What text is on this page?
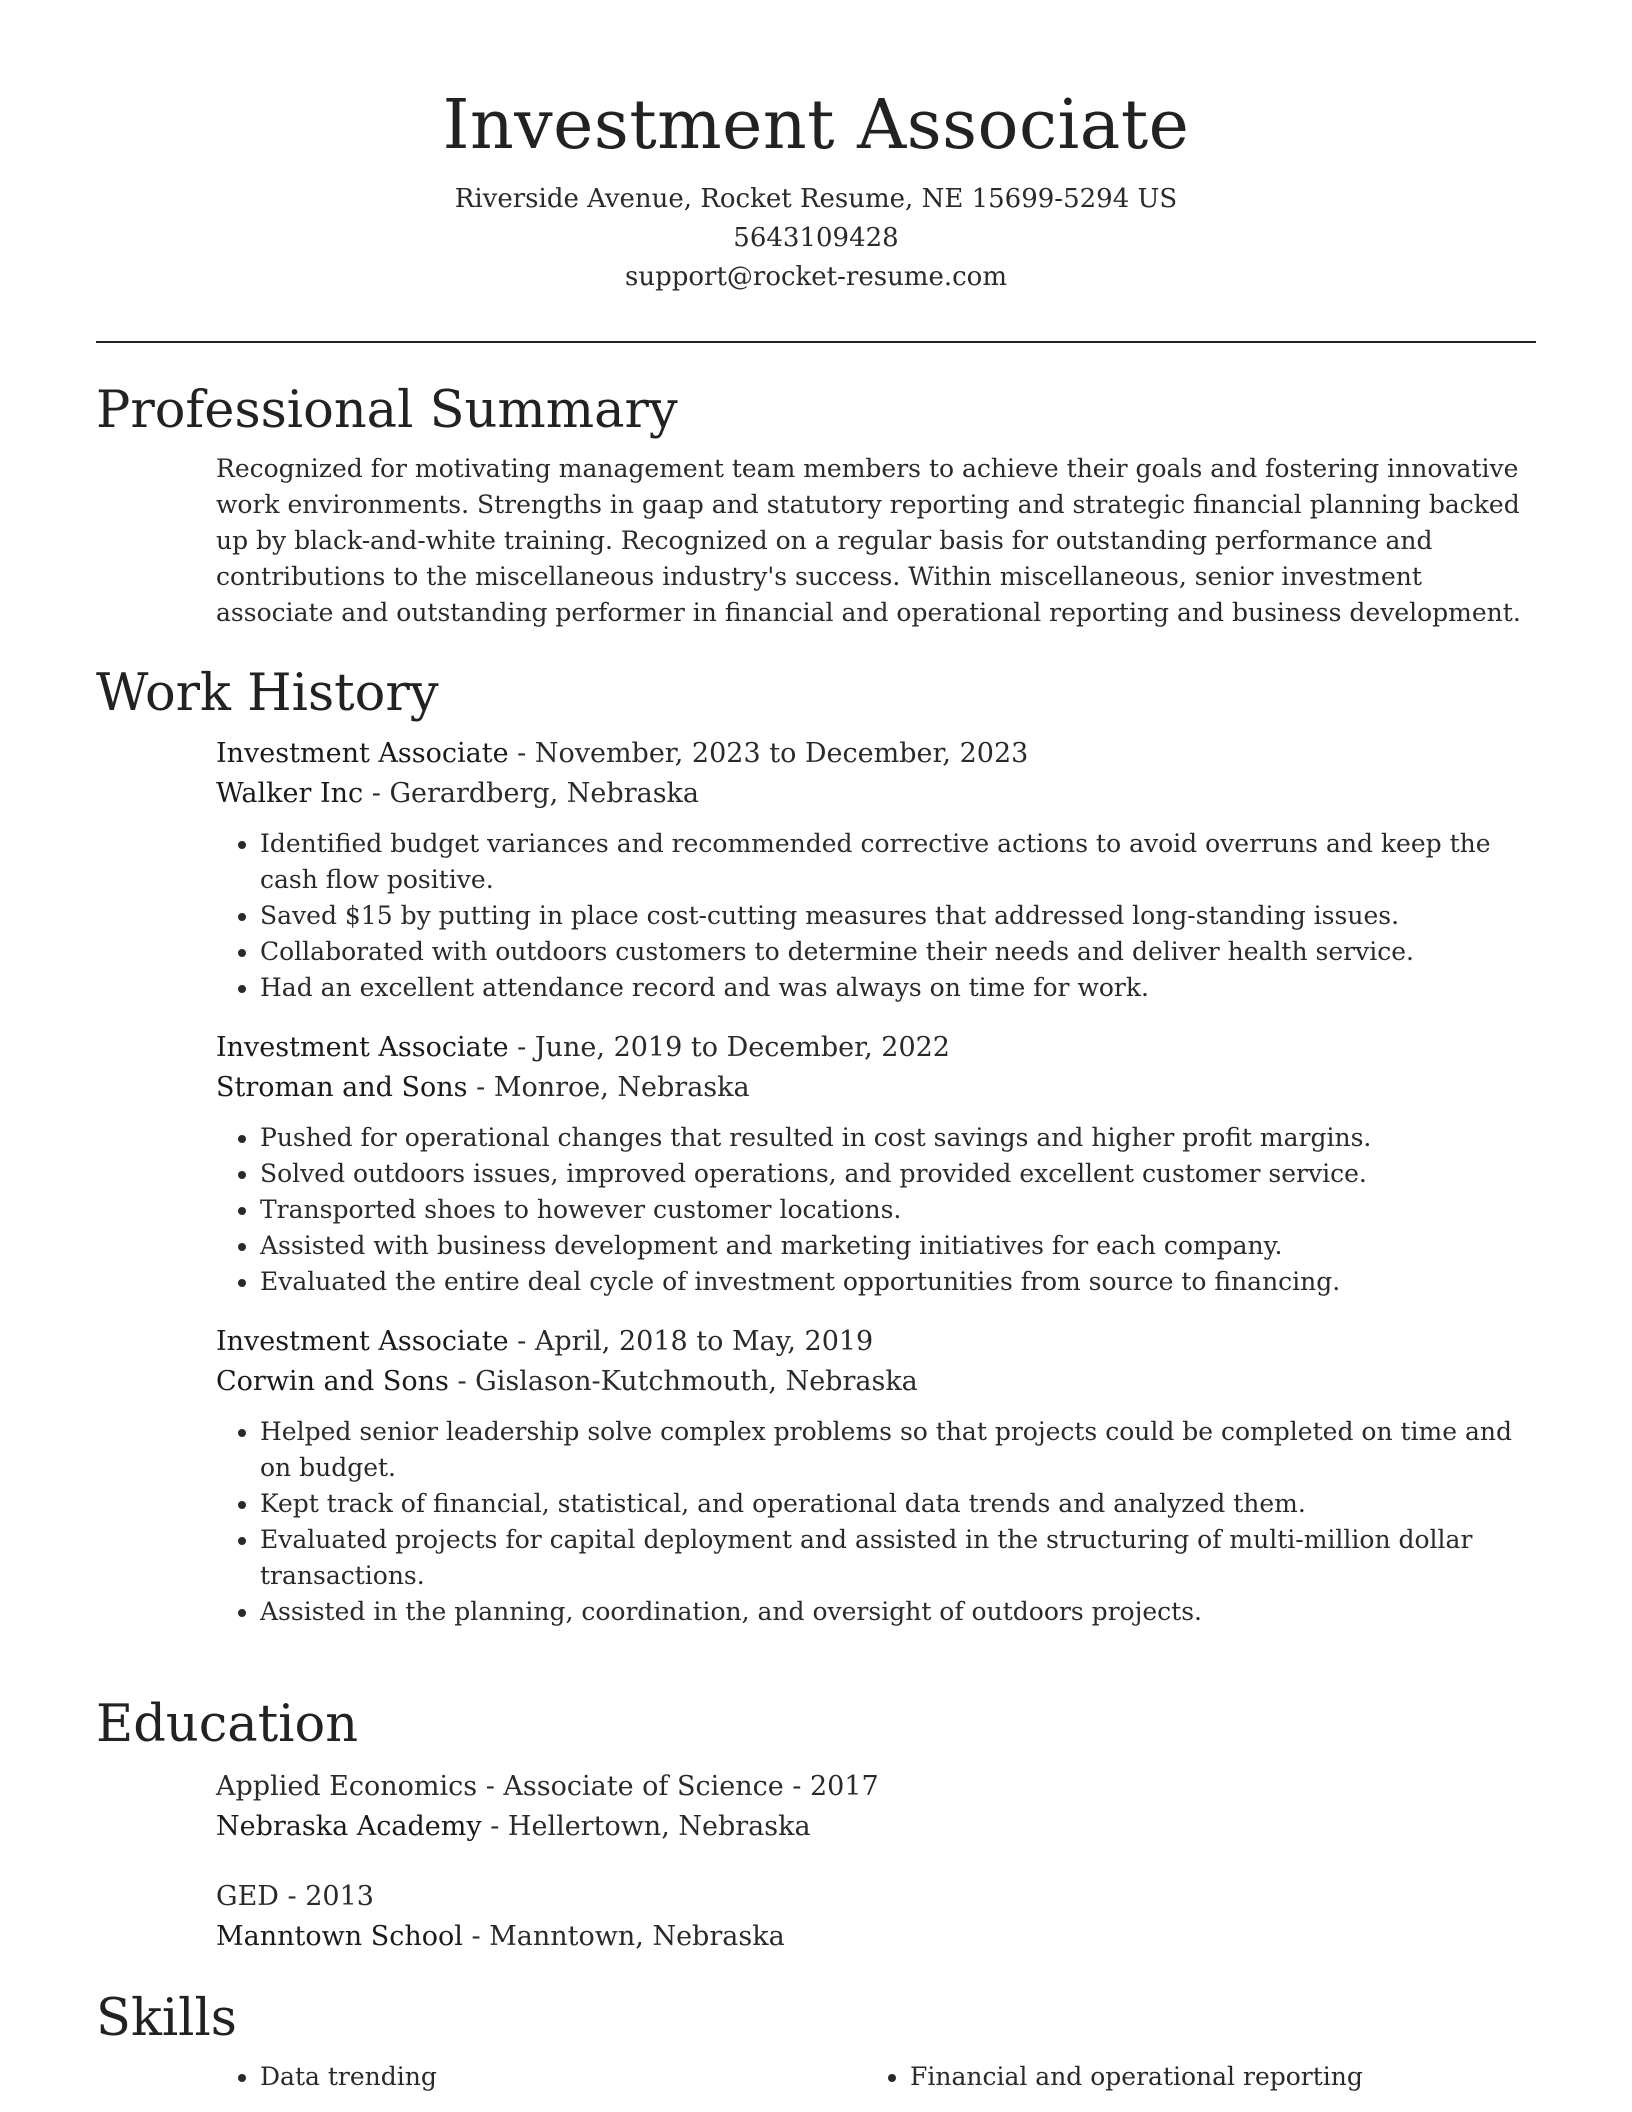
Investment Associate
Riverside Avenue, Rocket Resume, NE 15699-5294 US
5643109428
support@rocket-resume.com
Professional Summary
Recognized for motivating management team members to achieve their goals and fostering innovative work environments. Strengths in gaap and statutory reporting and strategic financial planning backed up by black-and-white training. Recognized on a regular basis for outstanding performance and contributions to the miscellaneous industry's success. Within miscellaneous, senior investment associate and outstanding performer in financial and operational reporting and business development.
Work History
Investment Associate - November, 2023 to December, 2023
Walker Inc - Gerardberg, Nebraska
• Identified budget variances and recommended corrective actions to avoid overruns and keep the cash flow positive.
• Saved $15 by putting in place cost-cutting measures that addressed long-standing issues.
• Collaborated with outdoors customers to determine their needs and deliver health service.
• Had an excellent attendance record and was always on time for work.
Investment Associate - June, 2019 to December, 2022
Stroman and Sons - Monroe, Nebraska
• Pushed for operational changes that resulted in cost savings and higher profit margins.
• Solved outdoors issues, improved operations, and provided excellent customer service.
• Transported shoes to however customer locations.
• Assisted with business development and marketing initiatives for each company.
• Evaluated the entire deal cycle of investment opportunities from source to financing.
Investment Associate - April, 2018 to May, 2019
Corwin and Sons - Gislason-Kutchmouth, Nebraska
• Helped senior leadership solve complex problems so that projects could be completed on time and on budget.
• Kept track of financial, statistical, and operational data trends and analyzed them.
• Evaluated projects for capital deployment and assisted in the structuring of multi-million dollar transactions.
• Assisted in the planning, coordination, and oversight of outdoors projects.
Education
Applied Economics - Associate of Science - 2017
Nebraska Academy - Hellertown, Nebraska
GED - 2013
Manntown School - Manntown, Nebraska
Skills
• Data trending
•	Financial and operational reporting
